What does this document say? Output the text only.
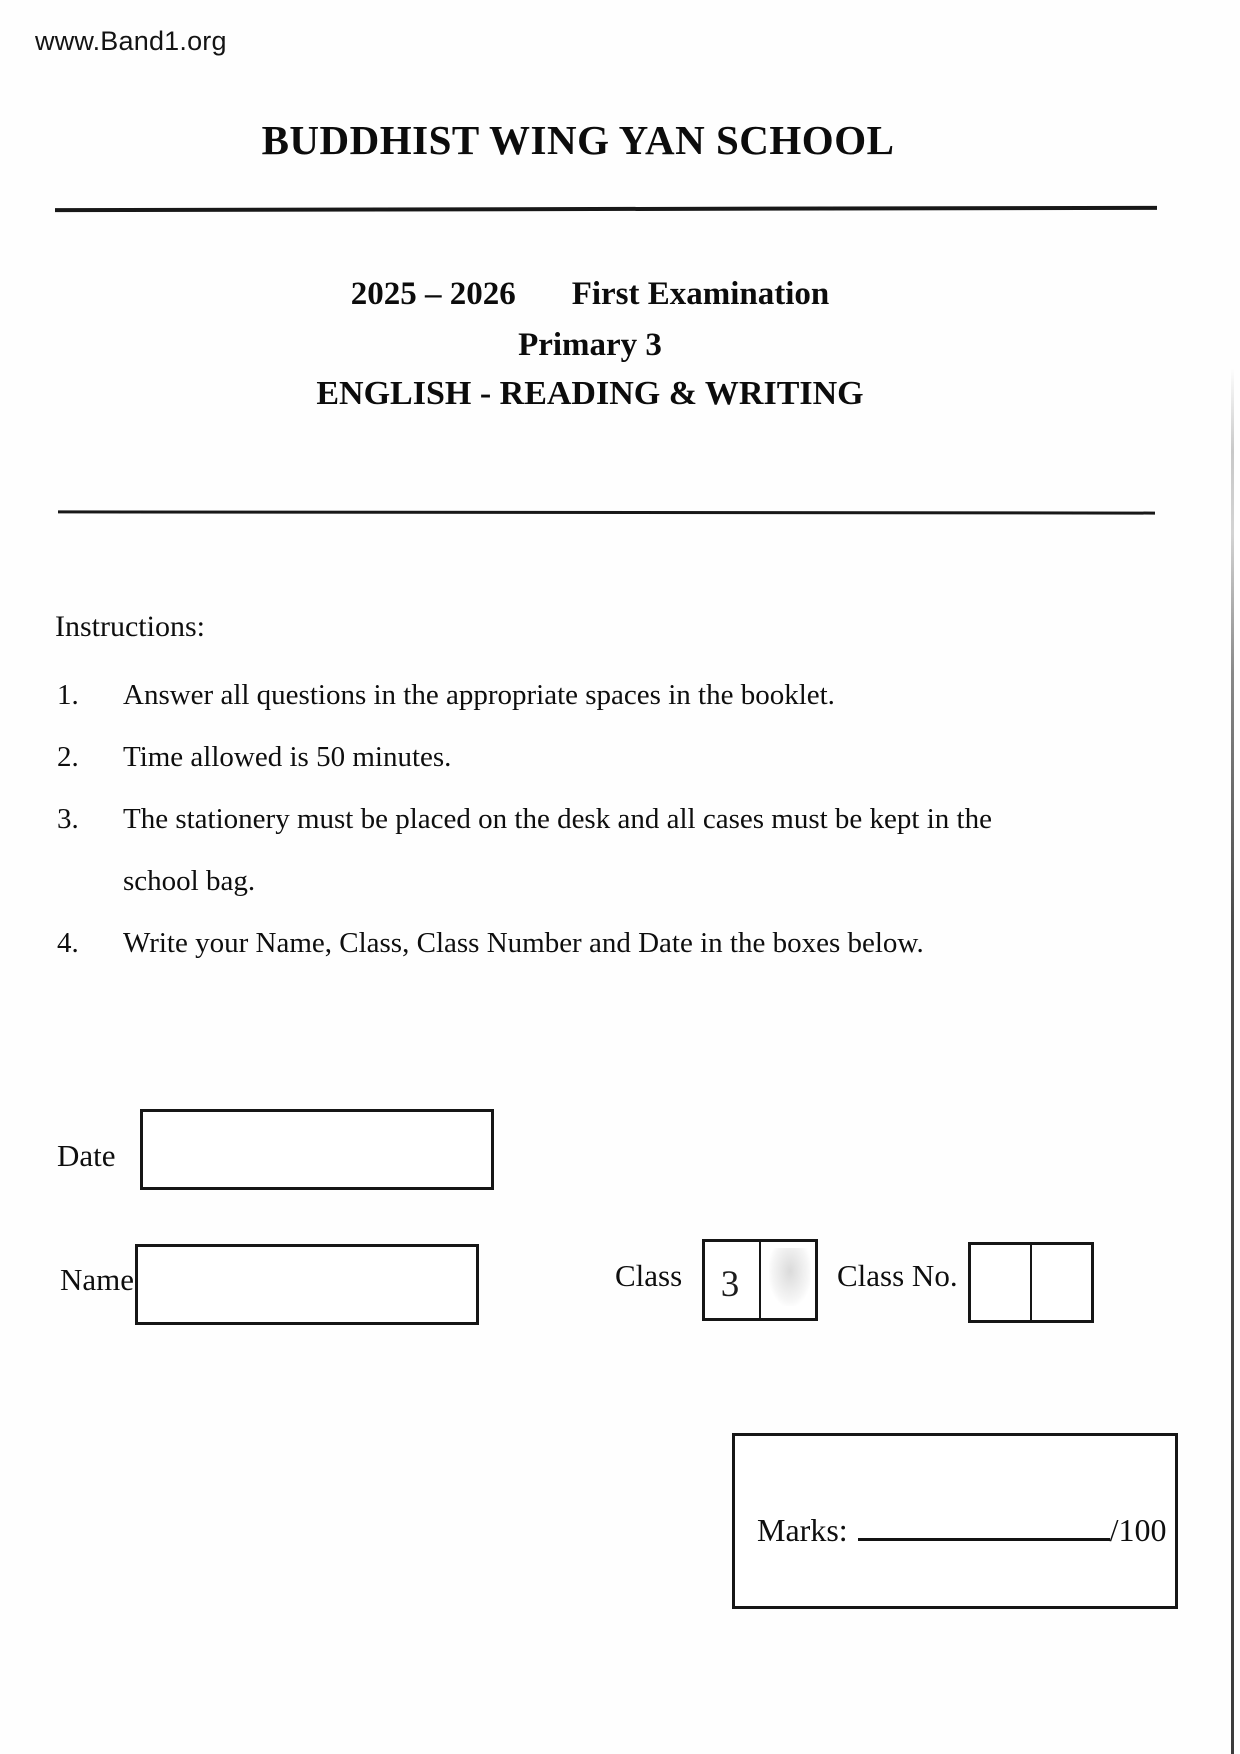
www.Band1.org
BUDDHIST WING YAN SCHOOL
2025 – 2026 First Examination
Primary 3
ENGLISH - READING & WRITING
Instructions:
1. Answer all questions in the appropriate spaces in the booklet.
2. Time allowed is 50 minutes.
3. The stationery must be placed on the desk and all cases must be kept in the school bag.
4. Write your Name, Class, Class Number and Date in the boxes below.
Date
Name	Class	3	Class No.
Marks:	/100
